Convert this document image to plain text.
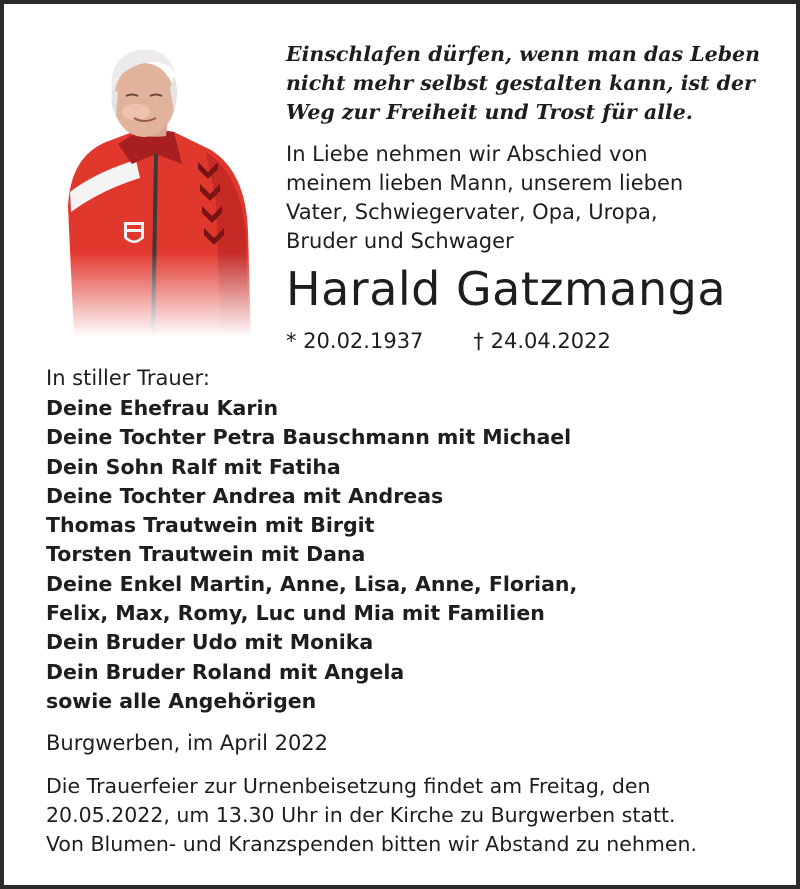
Einschlafen dürfen, wenn man das Leben
nicht mehr selbst gestalten kann, ist der
Weg zur Freiheit und Trost für alle.
In Liebe nehmen wir Abschied von
meinem lieben Mann, unserem lieben
Vater, Schwiegervater, Opa, Uropa,
Bruder und Schwager
Harald Gatzmanga
* 20.02.1937 † 24.04.2022
In stiller Trauer:
Deine Ehefrau Karin
Deine Tochter Petra Bauschmann mit Michael
Dein Sohn Ralf mit Fatiha
Deine Tochter Andrea mit Andreas
Thomas Trautwein mit Birgit
Torsten Trautwein mit Dana
Deine Enkel Martin, Anne, Lisa, Anne, Florian,
Felix, Max, Romy, Luc und Mia mit Familien
Dein Bruder Udo mit Monika
Dein Bruder Roland mit Angela
sowie alle Angehörigen
Burgwerben, im April 2022
Die Trauerfeier zur Urnenbeisetzung findet am Freitag, den
20.05.2022, um 13.30 Uhr in der Kirche zu Burgwerben statt.
Von Blumen- und Kranzspenden bitten wir Abstand zu nehmen.
